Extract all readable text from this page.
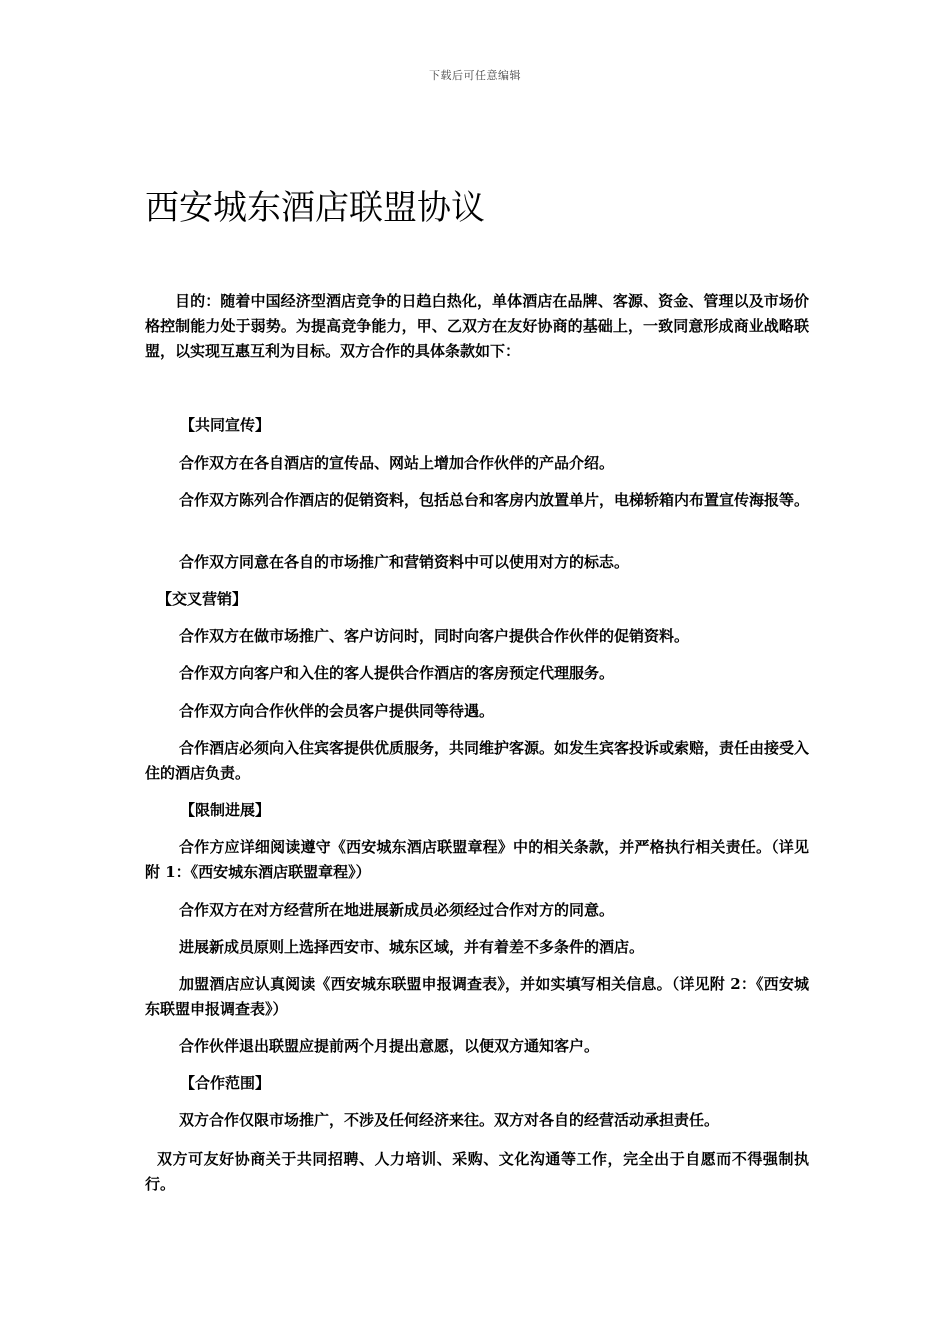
下载后可任意编辑
西安城东酒店联盟协议

目的：随着中国经济型酒店竞争的日趋白热化，单体酒店在品牌、客源、资金、管理以及市场价格控制能力处于弱势。为提高竞争能力，甲、乙双方在友好协商的基础上，一致同意形成商业战略联盟，以实现互惠互利为目标。双方合作的具体条款如下：

【共同宣传】

合作双方在各自酒店的宣传品、网站上增加合作伙伴的产品介绍。

合作双方陈列合作酒店的促销资料，包括总台和客房内放置单片，电梯轿箱内布置宣传海报等。

合作双方同意在各自的市场推广和营销资料中可以使用对方的标志。

【交叉营销】

合作双方在做市场推广、客户访问时，同时向客户提供合作伙伴的促销资料。

合作双方向客户和入住的客人提供合作酒店的客房预定代理服务。

合作双方向合作伙伴的会员客户提供同等待遇。

合作酒店必须向入住宾客提供优质服务，共同维护客源。如发生宾客投诉或索赔，责任由接受入住的酒店负责。

【限制进展】

合作方应详细阅读遵守《西安城东酒店联盟章程》中的相关条款，并严格执行相关责任。（详见附 1：《西安城东酒店联盟章程》）

合作双方在对方经营所在地进展新成员必须经过合作对方的同意。

进展新成员原则上选择西安市、城东区域，并有着差不多条件的酒店。

加盟酒店应认真阅读《西安城东联盟申报调查表》，并如实填写相关信息。（详见附 2：《西安城东联盟申报调查表》）

合作伙伴退出联盟应提前两个月提出意愿，以便双方通知客户。

【合作范围】

双方合作仅限市场推广，不涉及任何经济来往。双方对各自的经营活动承担责任。

双方可友好协商关于共同招聘、人力培训、采购、文化沟通等工作，完全出于自愿而不得强制执行。
